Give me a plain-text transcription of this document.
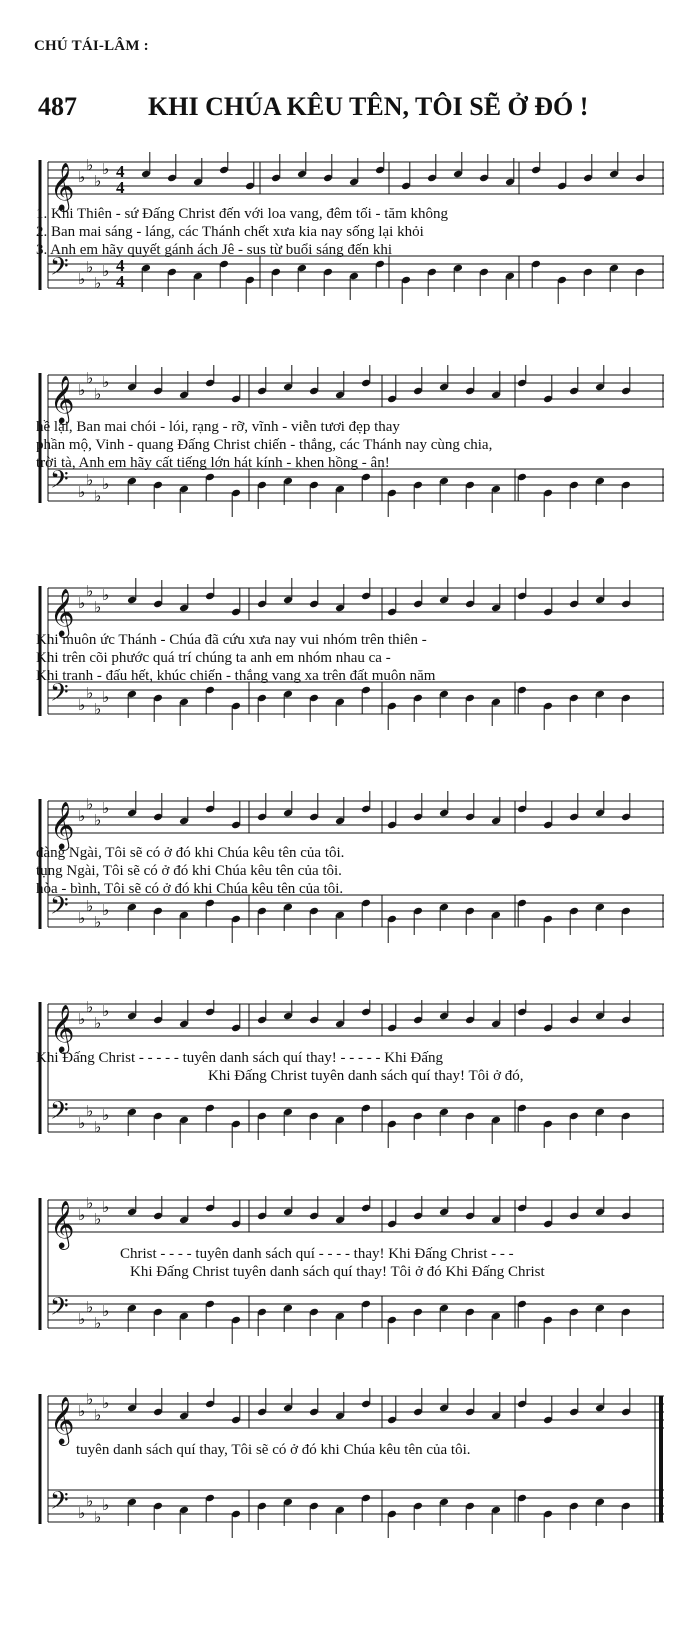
CHÚ TÁI-LÂM :
487	KHI CHÚA KÊU TÊN, TÔI SẼ Ở ĐÓ !
𝄞 ♭
♭
♭
♭
𝄢 ♭
♭
♭
♭
4
4
4
4
1. Khi Thiên - sứ Đấng Christ đến với loa vang, đêm tối - tăm không
2. Ban mai sáng - láng, các Thánh chết xưa kia nay sống lại khỏi
3. Anh em hãy quyết gánh ách Jê - sus từ buổi sáng đến khi
𝄞 ♭
♭
♭
♭
𝄢 ♭
♭
♭
♭
hề lại, Ban mai chói - lói, rạng - rỡ, vĩnh - viễn tươi đẹp thay
phần mộ, Vinh - quang Đấng Christ chiến - thắng, các Thánh nay cùng chia,
trời tà, Anh em hãy cất tiếng lớn hát kính - khen hồng - ân!
𝄞 ♭
♭
♭
♭
𝄢 ♭
♭
♭
♭
Khi muôn ức Thánh - Chúa đã cứu xưa nay vui nhóm trên thiên -
Khi trên cõi phước quá trí chúng ta anh em nhóm nhau ca -
Khi tranh - đấu hết, khúc chiến - thắng vang xa trên đất muôn năm
𝄞 ♭
♭
♭
♭
𝄢 ♭
♭
♭
♭
đàng Ngài, Tôi sẽ có ở đó khi Chúa kêu tên của tôi.
tụng Ngài, Tôi sẽ có ở đó khi Chúa kêu tên của tôi.
hòa - bình, Tôi sẽ có ở đó khi Chúa kêu tên của tôi.
𝄞 ♭
♭
♭
♭
𝄢 ♭
♭
♭
♭
Khi Đấng Christ - - - - - tuyên danh sách quí thay! - - - - - Khi Đấng
Khi Đấng Christ tuyên danh sách quí thay! Tôi ở đó,
𝄞 ♭
♭
♭
♭
𝄢 ♭
♭
♭
♭
Christ - - - - tuyên danh sách quí - - - - thay! Khi Đấng Christ - - -
Khi Đấng Christ tuyên danh sách quí thay! Tôi ở đó Khi Đấng Christ
𝄞 ♭
♭
♭
♭
𝄢 ♭
♭
♭
♭
tuyên danh sách quí thay, Tôi sẽ có ở đó khi Chúa kêu tên của tôi.
